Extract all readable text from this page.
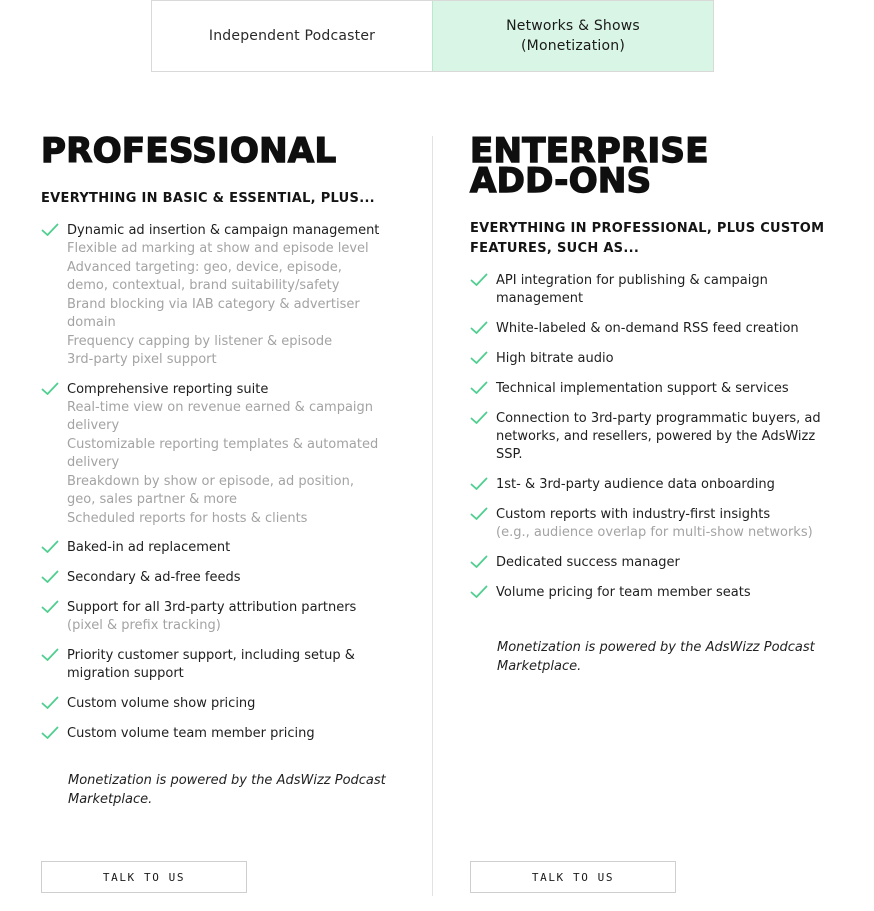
Independent Podcaster
Networks & Shows
(Monetization)
PROFESSIONAL
EVERYTHING IN BASIC & ESSENTIAL, PLUS...
Dynamic ad insertion & campaign management
Flexible ad marking at show and episode level
Advanced targeting: geo, device, episode, demo, contextual, brand suitability/safety
Brand blocking via IAB category & advertiser domain
Frequency capping by listener & episode
3rd-party pixel support
Comprehensive reporting suite
Real-time view on revenue earned & campaign delivery
Customizable reporting templates & automated delivery
Breakdown by show or episode, ad position, geo, sales partner & more
Scheduled reports for hosts & clients
Baked-in ad replacement
Secondary & ad-free feeds
Support for all 3rd-party attribution partners
(pixel & prefix tracking)
Priority customer support, including setup & migration support
Custom volume show pricing
Custom volume team member pricing
Monetization is powered by the AdsWizz Podcast Marketplace.
ENTERPRISE
ADD-ONS
EVERYTHING IN PROFESSIONAL, PLUS CUSTOM FEATURES, SUCH AS...
API integration for publishing & campaign management
White-labeled & on-demand RSS feed creation
High bitrate audio
Technical implementation support & services
Connection to 3rd-party programmatic buyers, ad networks, and resellers, powered by the AdsWizz SSP.
1st- & 3rd-party audience data onboarding
Custom reports with industry-first insights
(e.g., audience overlap for multi-show networks)
Dedicated success manager
Volume pricing for team member seats
Monetization is powered by the AdsWizz Podcast Marketplace.
TALK TO US	TALK TO US
